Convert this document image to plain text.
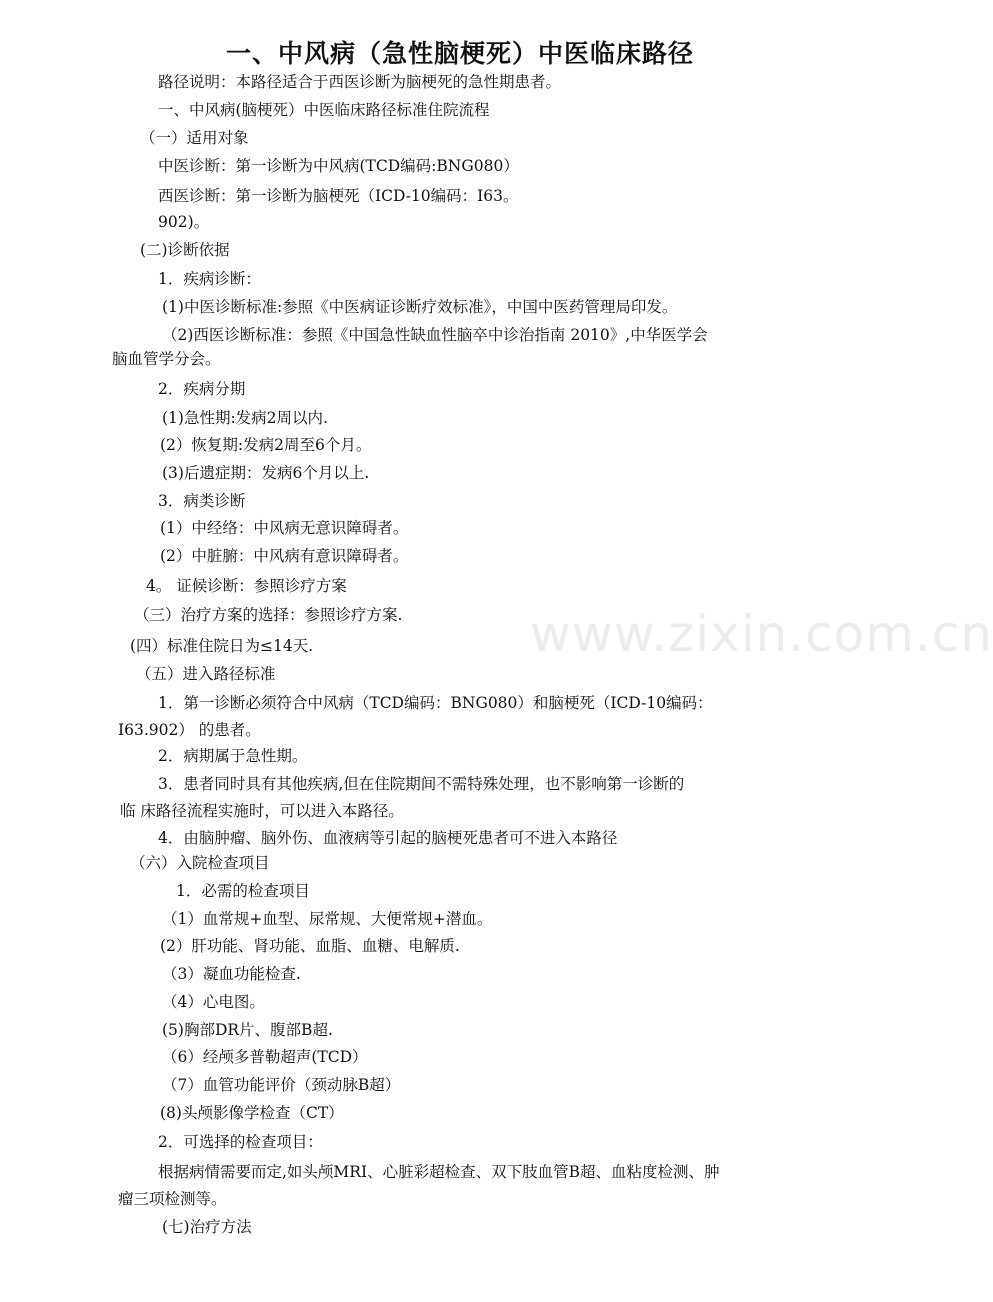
www.zixin.com.cn
一、中风病（急性脑梗死）中医临床路径
路径说明：本路径适合于西医诊断为脑梗死的急性期患者。
一、中风病(脑梗死）中医临床路径标准住院流程
（一）适用对象
中医诊断：第一诊断为中风病(TCD编码:BNG080）
西医诊断：第一诊断为脑梗死（ICD-10编码：I63。
902)。
(二)诊断依据
1．疾病诊断：
(1)中医诊断标准:参照《中医病证诊断疗效标准》，中国中医药管理局印发。
（2)西医诊断标准：参照《中国急性缺血性脑卒中诊治指南 2010》,中华医学会
脑血管学分会。
2．疾病分期
(1)急性期:发病2周以内.
(2）恢复期:发病2周至6个月。
(3)后遗症期：发病6个月以上.
3．病类诊断
(1）中经络：中风病无意识障碍者。
(2）中脏腑：中风病有意识障碍者。
4。 证候诊断：参照诊疗方案
（三）治疗方案的选择：参照诊疗方案.
(四）标准住院日为≤14天.
（五）进入路径标准
1．第一诊断必须符合中风病（TCD编码：BNG080）和脑梗死（ICD-10编码：
I63.902） 的患者。
2．病期属于急性期。
3．患者同时具有其他疾病,但在住院期间不需特殊处理，也不影响第一诊断的
临 床路径流程实施时，可以进入本路径。
4．由脑肿瘤、脑外伤、血液病等引起的脑梗死患者可不进入本路径
（六）入院检查项目
1．必需的检查项目
（1）血常规+血型、尿常规、大便常规+潜血。
(2）肝功能、肾功能、血脂、血糖、电解质.
（3）凝血功能检查.
（4）心电图。
(5)胸部DR片、腹部B超.
（6）经颅多普勒超声(TCD）
（7）血管功能评价（颈动脉B超）
(8)头颅影像学检查（CT）
2．可选择的检查项目：
根据病情需要而定,如头颅MRI、心脏彩超检查、双下肢血管B超、血粘度检测、肿
瘤三项检测等。
(七)治疗方法
